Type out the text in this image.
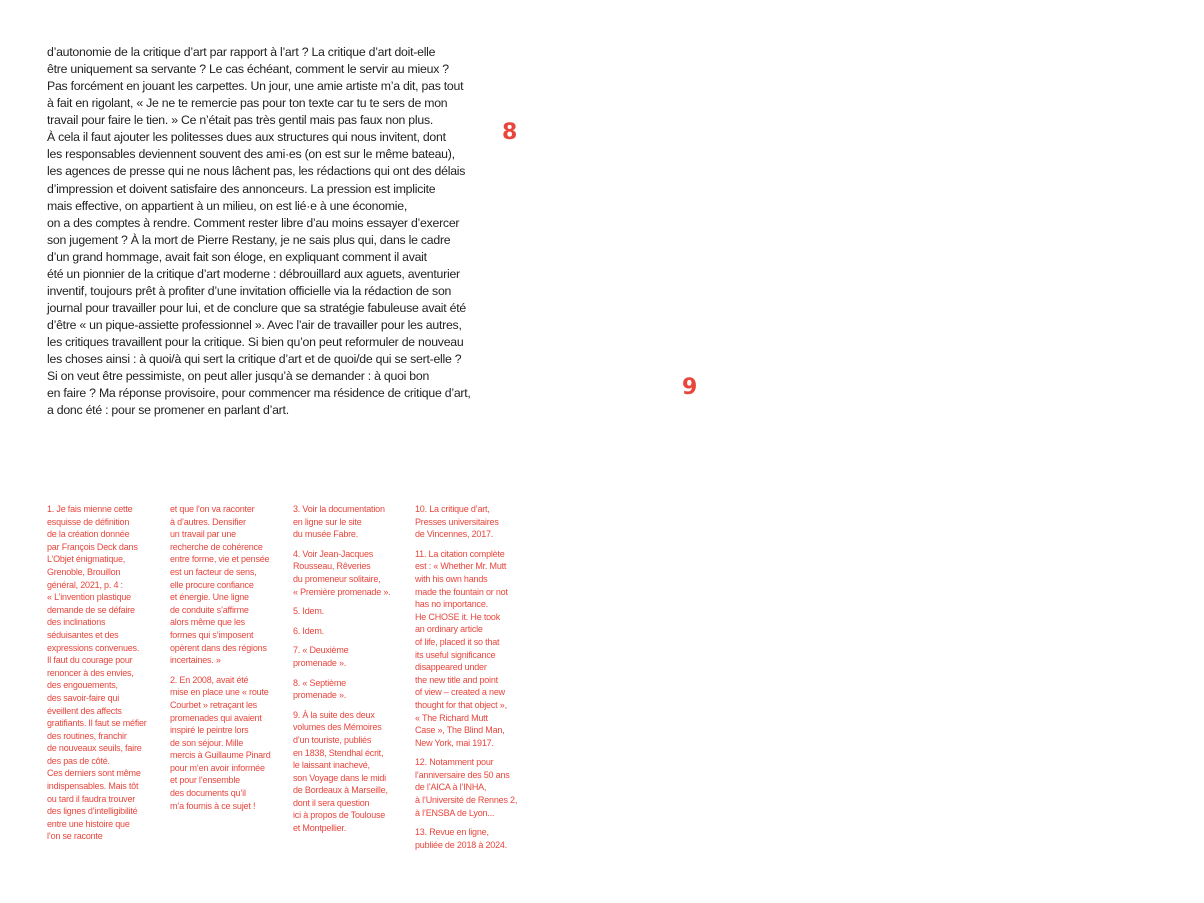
d’autonomie de la critique d’art par rapport à l’art ? La critique d’art doit-elle
être uniquement sa servante ? Le cas échéant, comment le servir au mieux ?
Pas forcément en jouant les carpettes. Un jour, une amie artiste m’a dit, pas tout
à fait en rigolant, « Je ne te remercie pas pour ton texte car tu te sers de mon
travail pour faire le tien. » Ce n’était pas très gentil mais pas faux non plus.
À cela il faut ajouter les politesses dues aux structures qui nous invitent, dont
les responsables deviennent souvent des ami·es (on est sur le même bateau),
les agences de presse qui ne nous lâchent pas, les rédactions qui ont des délais
d’impression et doivent satisfaire des annonceurs. La pression est implicite
mais effective, on appartient à un milieu, on est lié·e à une économie,
on a des comptes à rendre. Comment rester libre d’au moins essayer d’exercer
son jugement ? À la mort de Pierre Restany, je ne sais plus qui, dans le cadre
d’un grand hommage, avait fait son éloge, en expliquant comment il avait
été un pionnier de la critique d’art moderne : débrouillard aux aguets, aventurier
inventif, toujours prêt à profiter d’une invitation officielle via la rédaction de son
journal pour travailler pour lui, et de conclure que sa stratégie fabuleuse avait été
d’être « un pique-assiette professionnel ». Avec l’air de travailler pour les autres,
les critiques travaillent pour la critique. Si bien qu’on peut reformuler de nouveau
les choses ainsi : à quoi/à qui sert la critique d’art et de quoi/de qui se sert-elle ?
Si on veut être pessimiste, on peut aller jusqu’à se demander : à quoi bon
en faire ? Ma réponse provisoire, pour commencer ma résidence de critique d’art,
a donc été : pour se promener en parlant d’art.
8
9
1. Je fais mienne cette
esquisse de définition
de la création donnée
par François Deck dans
L’Objet énigmatique,
Grenoble, Brouillon
général, 2021, p. 4 :
« L’invention plastique
demande de se défaire
des inclinations
séduisantes et des
expressions convenues.
Il faut du courage pour
renoncer à des envies,
des engouements,
des savoir-faire qui
éveillent des affects
gratifiants. Il faut se méfier
des routines, franchir
de nouveaux seuils, faire
des pas de côté.
Ces derniers sont même
indispensables. Mais tôt
ou tard il faudra trouver
des lignes d’intelligibilité
entre une histoire que
l’on se raconte
et que l’on va raconter
à d’autres. Densifier
un travail par une
recherche de cohérence
entre forme, vie et pensée
est un facteur de sens,
elle procure confiance
et énergie. Une ligne
de conduite s’affirme
alors même que les
formes qui s’imposent
opèrent dans des régions
incertaines. »
2. En 2008, avait été
mise en place une « route
Courbet » retraçant les
promenades qui avaient
inspiré le peintre lors
de son séjour. Mille
mercis à Guillaume Pinard
pour m’en avoir informée
et pour l’ensemble
des documents qu’il
m’a fournis à ce sujet !
3. Voir la documentation
en ligne sur le site
du musée Fabre.
4. Voir Jean-Jacques
Rousseau, Rêveries
du promeneur solitaire,
« Première promenade ».
5. Idem.
6. Idem.
7. « Deuxième
promenade ».
8. « Septième
promenade ».
9. À la suite des deux
volumes des Mémoires
d’un touriste, publiés
en 1838, Stendhal écrit,
le laissant inachevé,
son Voyage dans le midi
de Bordeaux à Marseille,
dont il sera question
ici à propos de Toulouse
et Montpellier.
10. La critique d’art,
Presses universitaires
de Vincennes, 2017.
11. La citation complète
est : « Whether Mr. Mutt
with his own hands
made the fountain or not
has no importance.
He CHOSE it. He took
an ordinary article
of life, placed it so that
its useful significance
disappeared under
the new title and point
of view – created a new
thought for that object »,
« The Richard Mutt
Case », The Blind Man,
New York, mai 1917.
12. Notamment pour
l’anniversaire des 50 ans
de l’AICA à l’INHA,
à l’Université de Rennes 2,
à l’ENSBA de Lyon...
13. Revue en ligne,
publiée de 2018 à 2024.
